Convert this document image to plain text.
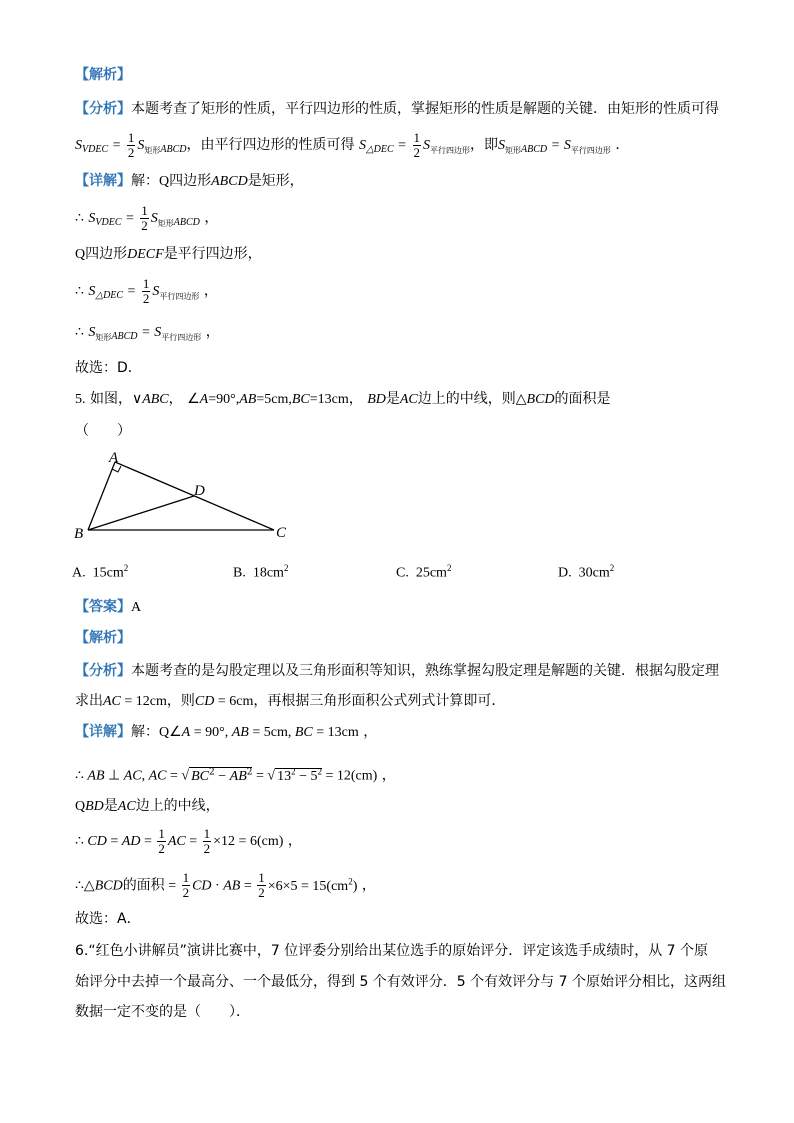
【解析】
【分析】本题考查了矩形的性质，平行四边形的性质，掌握矩形的性质是解题的关键．由矩形的性质可得
$S_{VDEC} = \frac{1}{2} S_{矩形ABCD}$，由平行四边形的性质可得 $S_{\triangle DEC} = \frac{1}{2} S_{平行四边形}$，即$S_{矩形ABCD} = S_{平行四边形}$ ．
【详解】解：Q四边形ABCD是矩形，
∴ $S_{VDEC} = \frac{1}{2} S_{矩形ABCD}$ ，
Q四边形DECF是平行四边形，
∴ $S_{\triangle DEC} = \frac{1}{2} S_{平行四边形}$ ，
∴ $S_{矩形ABCD} = S_{平行四边形}$ ，
故选：D．
5. 如图，∨ABC， ∠A=90°,AB=5cm,BC=13cm， BD是AC边上的中线，则△BCD的面积是
（　　）
A
D
B	C
A. $15cm^2$	B. $18cm^2$	C. $25cm^2$	D. $30cm^2$
【答案】A
【解析】
【分析】本题考查的是勾股定理以及三角形面积等知识，熟练掌握勾股定理是解题的关键．根据勾股定理
求出AC = 12cm，则CD = 6cm，再根据三角形面积公式列式计算即可．
【详解】解：Q∠A = 90°, AB = 5cm, BC = 13cm ，
∴ AB ⊥ AC, AC = √ $BC^2 - AB^2$ = √ $13^2 - 5^2 = 12(cm)$ ，
QBD是AC边上的中线，
∴ CD = AD = $\frac{1}{2}$ AC = $\frac{1}{2} \times 12 = 6(cm)$ ，
∴△BCD的面积 = $\frac{1}{2}$ CD · AB = $\frac{1}{2} \times 6\times 5 = 15(cm^2)$ ，
故选：A．
6.“红色小讲解员”演讲比赛中，7 位评委分别给出某位选手的原始评分．评定该选手成绩时，从 7 个原
始评分中去掉一个最高分、一个最低分，得到 5 个有效评分．5 个有效评分与 7 个原始评分相比，这两组
数据一定不变的是（　　）．
